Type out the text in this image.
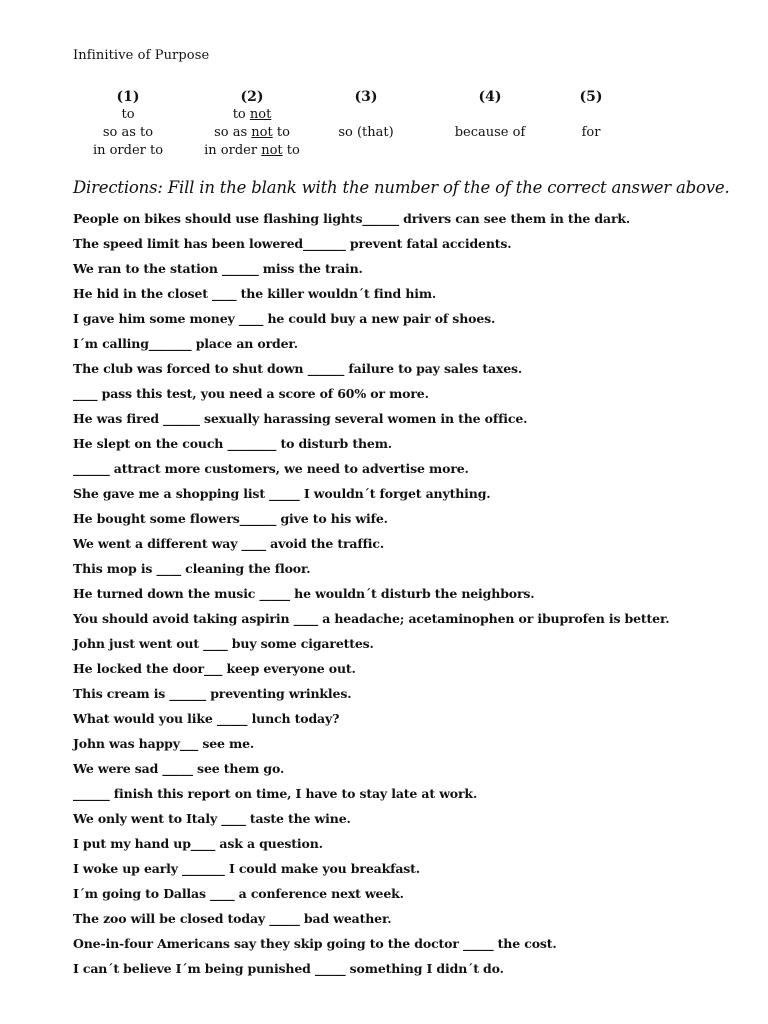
Infinitive of Purpose
(1)
to
so as to
in order to
(2)
to not
so as not to
in order not to
(3)
so (that)
(4)
because of
(5)
for
Directions: Fill in the blank with the number of the of the correct answer above.
People on bikes should use flashing lights______ drivers can see them in the dark.
The speed limit has been lowered_______ prevent fatal accidents.
We ran to the station ______ miss the train.
He hid in the closet ____ the killer wouldn´t find him.
I gave him some money ____ he could buy a new pair of shoes.
I´m calling_______ place an order.
The club was forced to shut down ______ failure to pay sales taxes.
____ pass this test, you need a score of 60% or more.
He was fired ______ sexually harassing several women in the office.
He slept on the couch ________ to disturb them.
______ attract more customers, we need to advertise more.
She gave me a shopping list _____ I wouldn´t forget anything.
He bought some flowers______ give to his wife.
We went a different way ____ avoid the traffic.
This mop is ____ cleaning the floor.
He turned down the music _____ he wouldn´t disturb the neighbors.
You should avoid taking aspirin ____ a headache; acetaminophen or ibuprofen is better.
John just went out ____ buy some cigarettes.
He locked the door___ keep everyone out.
This cream is ______ preventing wrinkles.
What would you like _____ lunch today?
John was happy___ see me.
We were sad _____ see them go.
______ finish this report on time, I have to stay late at work.
We only went to Italy ____ taste the wine.
I put my hand up____ ask a question.
I woke up early _______ I could make you breakfast.
I´m going to Dallas ____ a conference next week.
The zoo will be closed today _____ bad weather.
One-in-four Americans say they skip going to the doctor _____ the cost.
I can´t believe I´m being punished _____ something I didn´t do.
